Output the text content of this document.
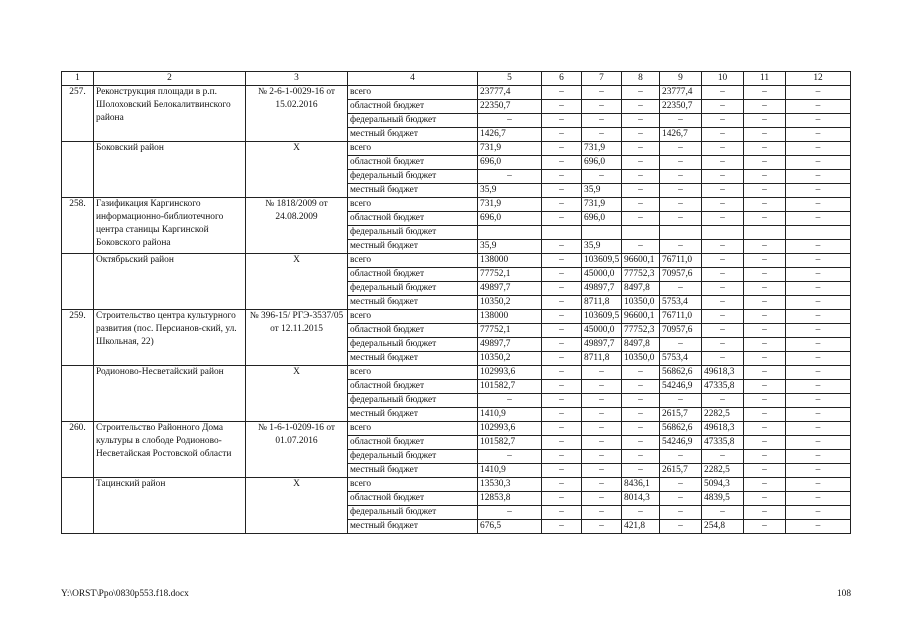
1	2	3	4	5	6	7	8	9	10	11	12
257.	Реконструкция площади в р.п. Шолоховский Белокалитвинского района	№ 2-6-1-0029-16 от 15.02.2016	всего	23777,4	–	–	–	23777,4	–	–	–
			областной бюджет	22350,7	–	–	–	22350,7	–	–	–
			федеральный бюджет	–	–	–	–	–	–	–	–
			местный бюджет	1426,7	–	–	–	1426,7	–	–	–
	Боковский район	Х	всего	731,9	–	731,9	–	–	–	–	–
			областной бюджет	696,0	–	696,0	–	–	–	–	–
			федеральный бюджет	–	–	–	–	–	–	–	–
			местный бюджет	35,9	–	35,9	–	–	–	–	–
258.	Газификация Каргинского информационно-библиотечного центра станицы Каргинской Боковского района	№ 1818/2009 от 24.08.2009	всего	731,9	–	731,9	–	–	–	–	–
			областной бюджет	696,0	–	696,0	–	–	–	–	–
			федеральный бюджет								
			местный бюджет	35,9	–	35,9	–	–	–	–	–
	Октябрьский район	Х	всего	138000	–	103609,5	96600,1	76711,0	–	–	–
			областной бюджет	77752,1	–	45000,0	77752,3	70957,6	–	–	–
			федеральный бюджет	49897,7	–	49897,7	8497,8	–	–	–	–
			местный бюджет	10350,2	–	8711,8	10350,0	5753,4	–	–	–
259.	Строительство центра культурного развития (пос. Персианов-ский, ул. Школьная, 22)	№ 396-15/ РГЭ-3537/05 от 12.11.2015	всего	138000	–	103609,5	96600,1	76711,0	–	–	–
			областной бюджет	77752,1	–	45000,0	77752,3	70957,6	–	–	–
			федеральный бюджет	49897,7	–	49897,7	8497,8	–	–	–	–
			местный бюджет	10350,2	–	8711,8	10350,0	5753,4	–	–	–
	Родионово-Несветайский район	Х	всего	102993,6	–	–	–	56862,6	49618,3	–	–
			областной бюджет	101582,7	–	–	–	54246,9	47335,8	–	–
			федеральный бюджет	–	–	–	–	–	–	–	–
			местный бюджет	1410,9	–	–	–	2615,7	2282,5	–	–
260.	Строительство Районного Дома культуры в слободе Родионово-Несветайская Ростовской области	№ 1-6-1-0209-16 от 01.07.2016	всего	102993,6	–	–	–	56862,6	49618,3	–	–
			областной бюджет	101582,7	–	–	–	54246,9	47335,8	–	–
			федеральный бюджет	–	–	–	–	–	–	–	–
			местный бюджет	1410,9	–	–	–	2615,7	2282,5	–	–
	Тацинский район	Х	всего	13530,3	–	–	8436,1	–	5094,3	–	–
			областной бюджет	12853,8	–	–	8014,3	–	4839,5	–	–
			федеральный бюджет	–	–	–	–	–	–	–	–
			местный бюджет	676,5	–	–	421,8	–	254,8	–	–
Y:\ORST\Ppo\0830p553.f18.docx	108
